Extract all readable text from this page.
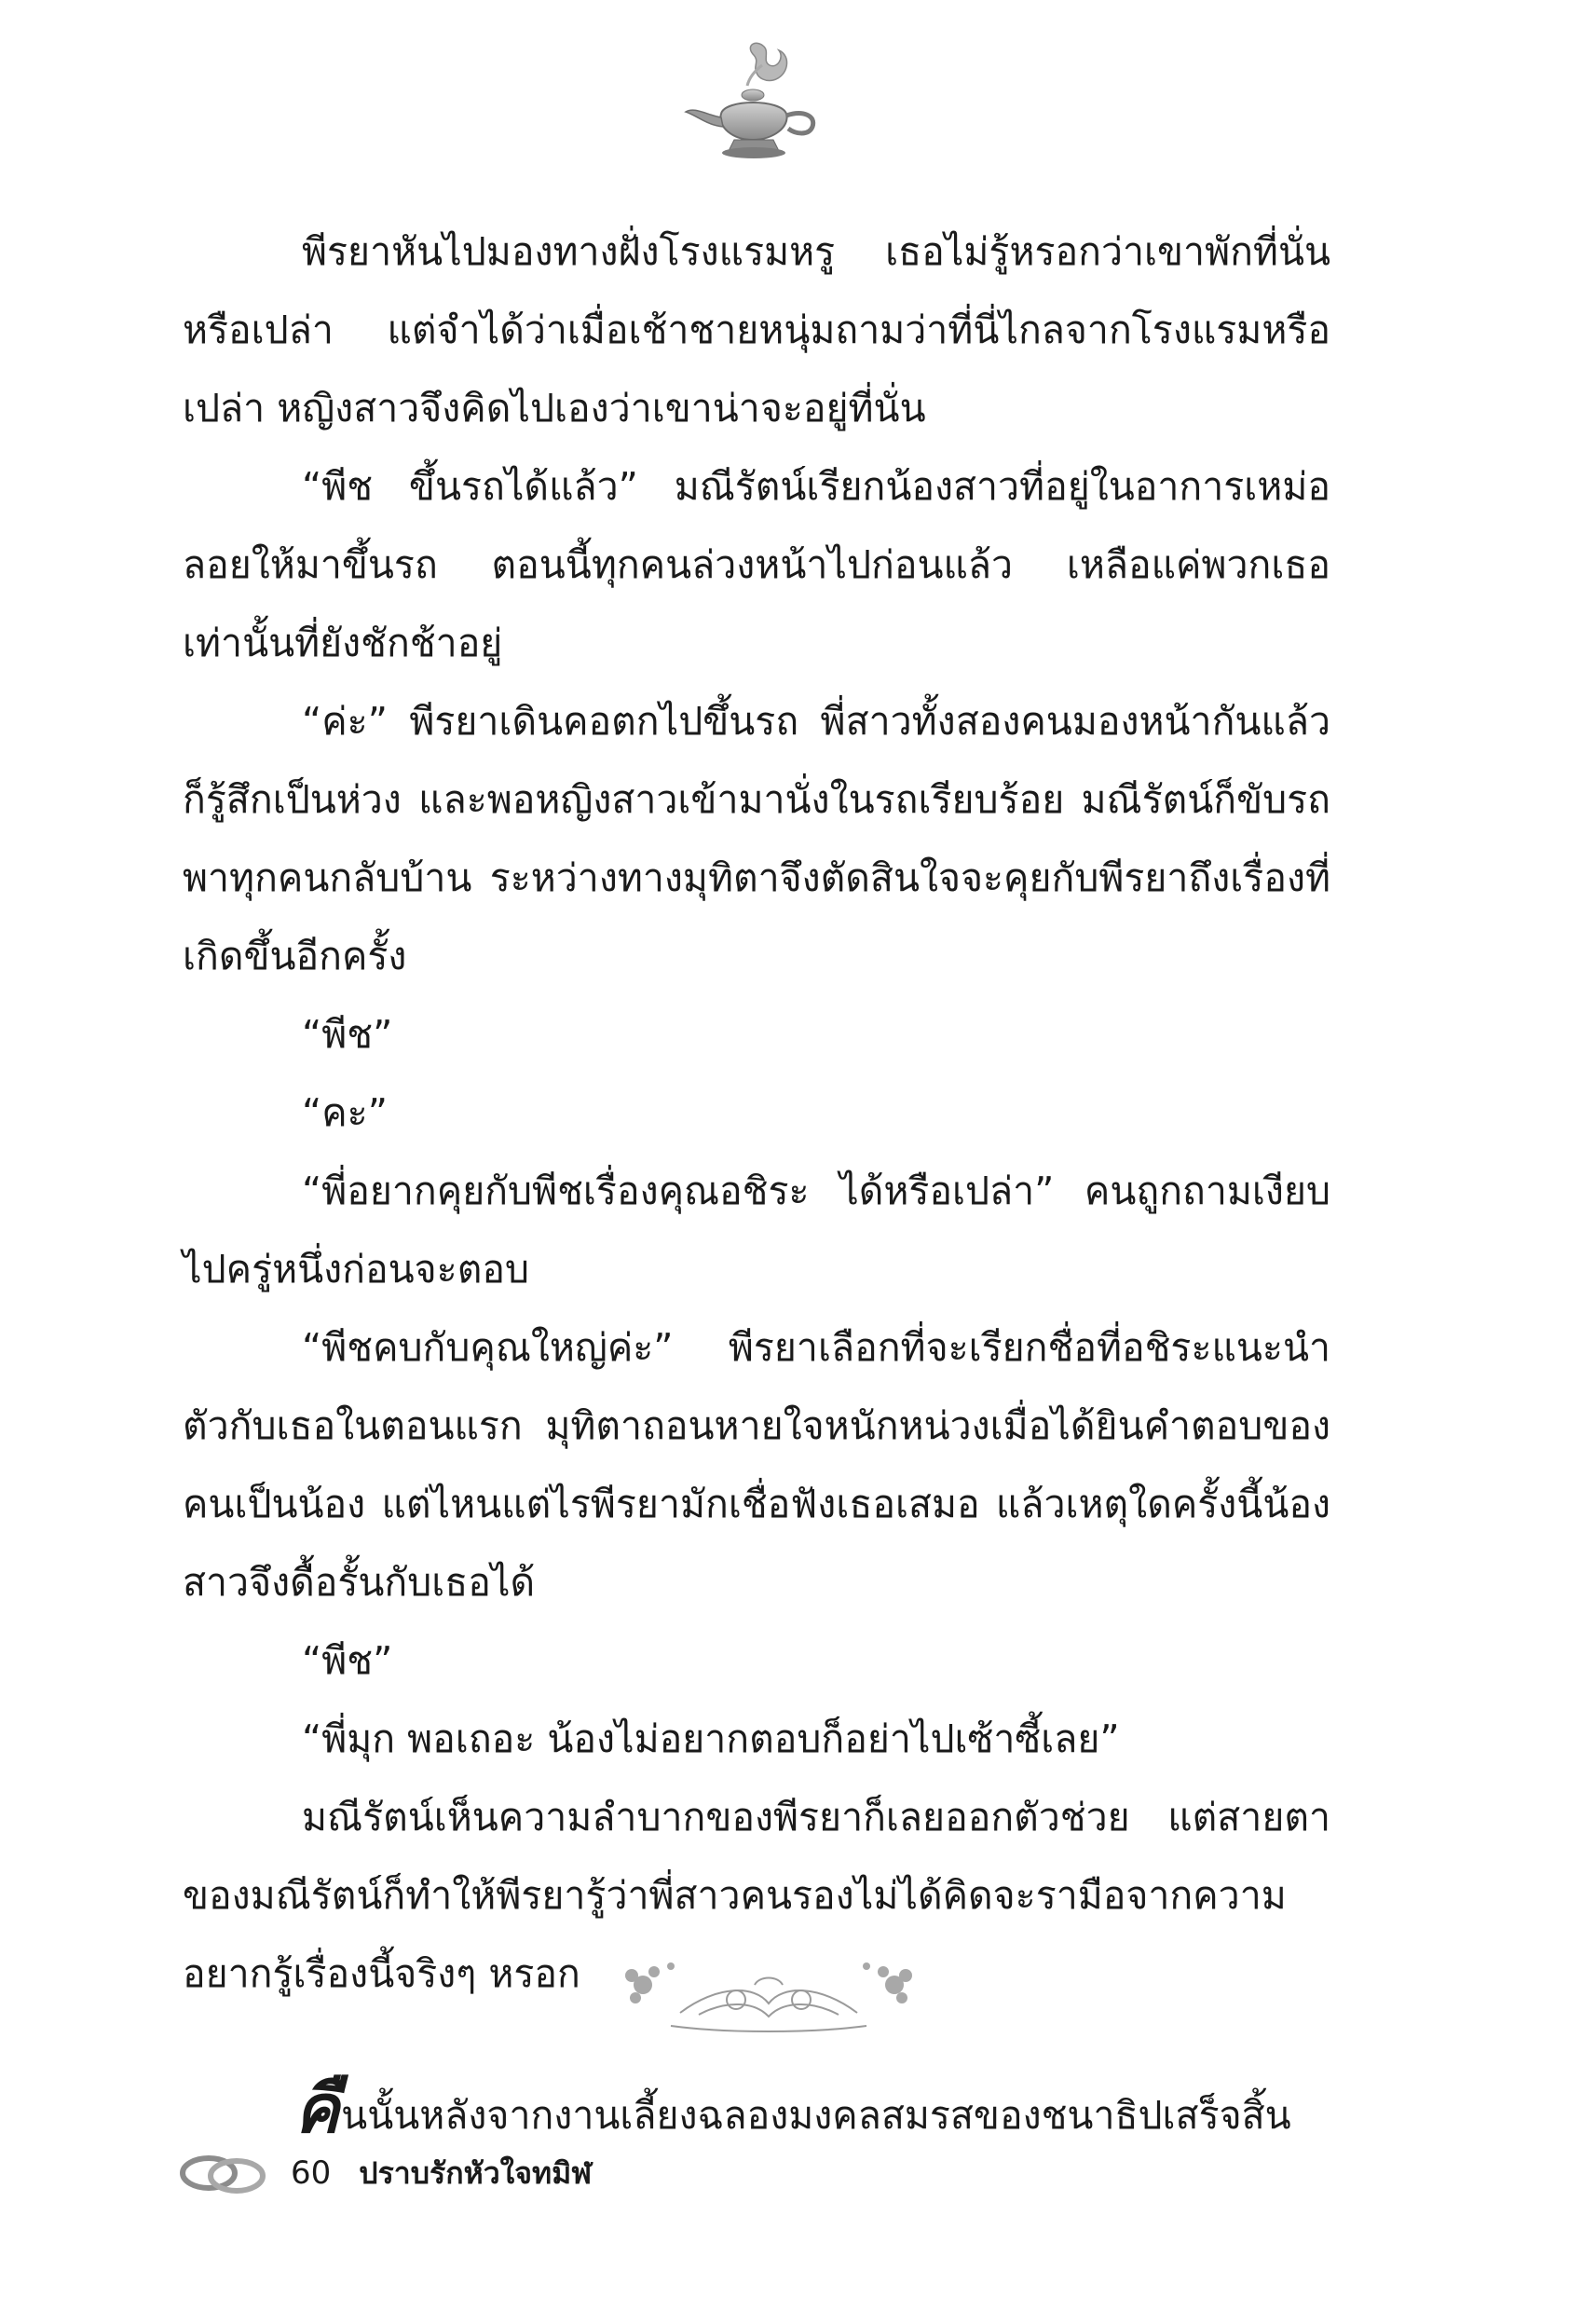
พีรยาหันไปมองทางฝั่งโรงแรมหรู เธอไม่รู้หรอกว่าเขาพักที่นั่นหรือเปล่า แต่จำได้ว่าเมื่อเช้าชายหนุ่มถามว่าที่นี่ไกลจากโรงแรมหรือเปล่า หญิงสาวจึงคิดไปเองว่าเขาน่าจะอยู่ที่นั่น

“พีช ขึ้นรถได้แล้ว” มณีรัตน์เรียกน้องสาวที่อยู่ในอาการเหม่อลอยให้มาขึ้นรถ ตอนนี้ทุกคนล่วงหน้าไปก่อนแล้ว เหลือแค่พวกเธอเท่านั้นที่ยังชักช้าอยู่

“ค่ะ” พีรยาเดินคอตกไปขึ้นรถ พี่สาวทั้งสองคนมองหน้ากันแล้วก็รู้สึกเป็นห่วง และพอหญิงสาวเข้ามานั่งในรถเรียบร้อย มณีรัตน์ก็ขับรถพาทุกคนกลับบ้าน ระหว่างทางมุทิตาจึงตัดสินใจจะคุยกับพีรยาถึงเรื่องที่เกิดขึ้นอีกครั้ง

“พีช”

“คะ”

“พี่อยากคุยกับพีชเรื่องคุณอชิระ ได้หรือเปล่า” คนถูกถามเงียบไปครู่หนึ่งก่อนจะตอบ

“พีชคบกับคุณใหญ่ค่ะ” พีรยาเลือกที่จะเรียกชื่อที่อชิระแนะนำตัวกับเธอในตอนแรก มุทิตาถอนหายใจหนักหน่วงเมื่อได้ยินคำตอบของคนเป็นน้อง แต่ไหนแต่ไรพีรยามักเชื่อฟังเธอเสมอ แล้วเหตุใดครั้งนี้น้องสาวจึงดื้อรั้นกับเธอได้

“พีช”

“พี่มุก พอเถอะ น้องไม่อยากตอบก็อย่าไปเซ้าซี้เลย”

มณีรัตน์เห็นความลำบากของพีรยาก็เลยออกตัวช่วย แต่สายตาของมณีรัตน์ก็ทำให้พีรยารู้ว่าพี่สาวคนรองไม่ได้คิดจะรามือจากความอยากรู้เรื่องนี้จริงๆ หรอก

คืนนั้นหลังจากงานเลี้ยงฉลองมงคลสมรสของชนาธิปเสร็จสิ้น
60 ปราบรักหัวใจทมิฬ
